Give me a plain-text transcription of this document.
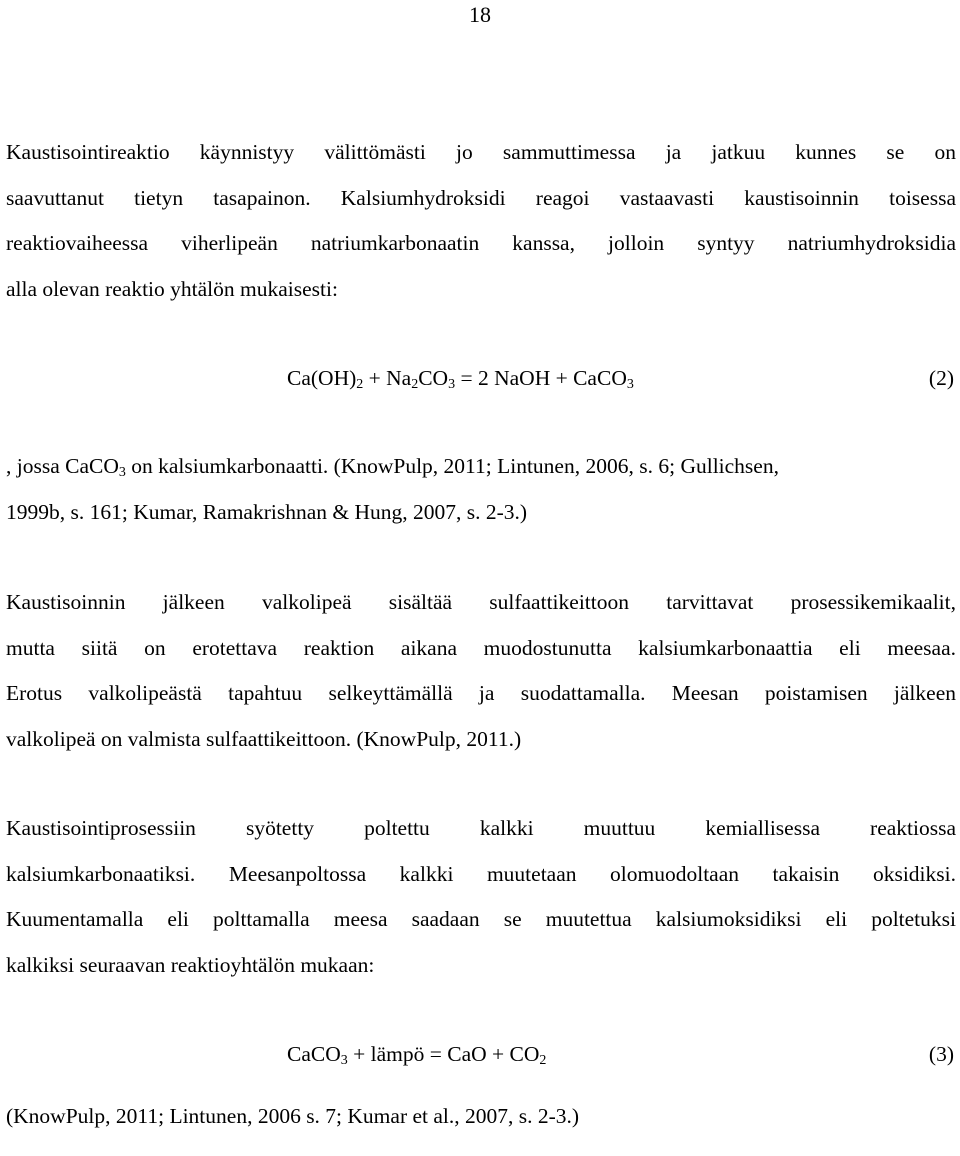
18
Kaustisointireaktio käynnistyy välittömästi jo sammuttimessa ja jatkuu kunnes se on
saavuttanut tietyn tasapainon. Kalsiumhydroksidi reagoi vastaavasti kaustisoinnin toisessa
reaktiovaiheessa viherlipeän natriumkarbonaatin kanssa, jolloin syntyy natriumhydroksidia
alla olevan reaktio yhtälön mukaisesti:
$Ca(OH)_2 + Na_2CO_3 = 2$ NaOH + CaCO$_3$	(2)
, jossa CaCO$_3$ on kalsiumkarbonaatti. (KnowPulp, 2011; Lintunen, 2006, s. 6; Gullichsen,
1999b, s. 161; Kumar, Ramakrishnan & Hung, 2007, s. 2-3.)
Kaustisoinnin jälkeen valkolipeä sisältää sulfaattikeittoon tarvittavat prosessikemikaalit,
mutta siitä on erotettava reaktion aikana muodostunutta kalsiumkarbonaattia eli meesaa.
Erotus valkolipeästä tapahtuu selkeyttämällä ja suodattamalla. Meesan poistamisen jälkeen
valkolipeä on valmista sulfaattikeittoon. (KnowPulp, 2011.)
Kaustisointiprosessiin syötetty poltettu kalkki muuttuu kemiallisessa reaktiossa
kalsiumkarbonaatiksi. Meesanpoltossa kalkki muutetaan olomuodoltaan takaisin oksidiksi.
Kuumentamalla eli polttamalla meesa saadaan se muutettua kalsiumoksidiksi eli poltetuksi
kalkiksi seuraavan reaktioyhtälön mukaan:
CaCO$_3$ + lämpö = CaO + $CO_2$	(3)
(KnowPulp, 2011; Lintunen, 2006 s. 7; Kumar et al., 2007, s. 2-3.)
